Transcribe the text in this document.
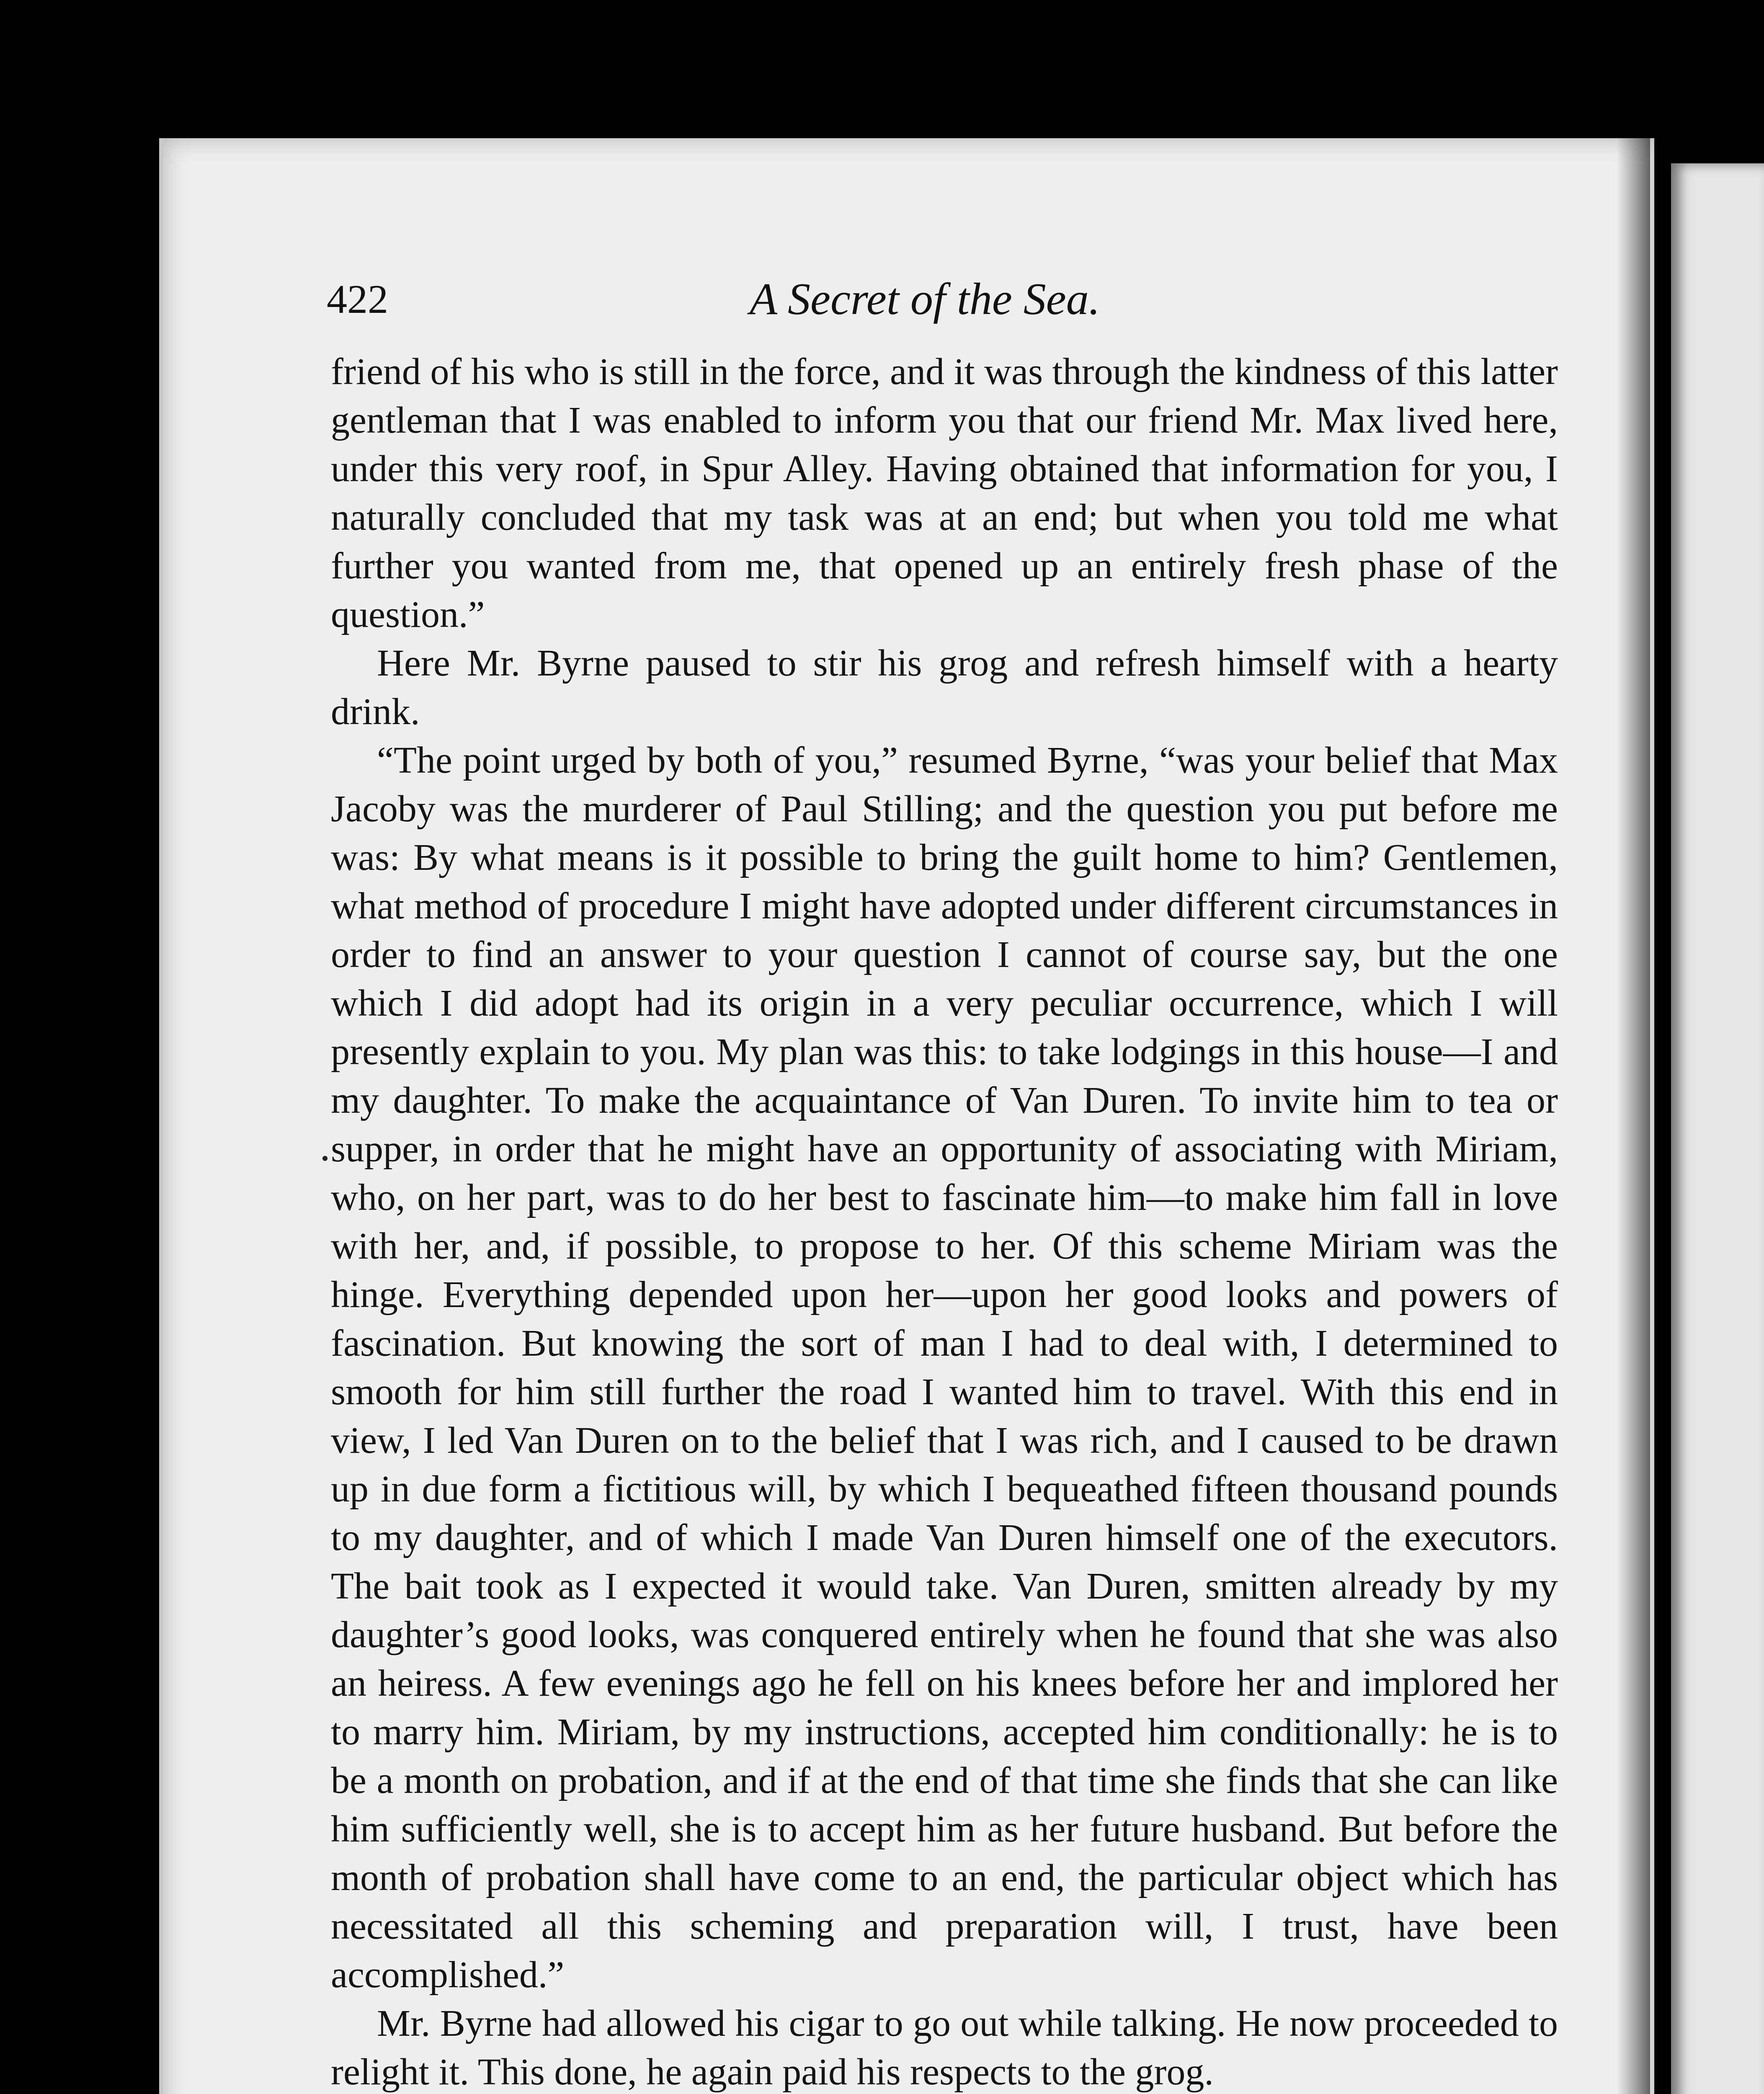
422	A Secret of the Sea.

friend of his who is still in the force, and it was through the kindness of this latter gentleman that I was enabled to inform you that our friend Mr. Max lived here, under this very roof, in Spur Alley. Having obtained that information for you, I naturally concluded that my task was at an end; but when you told me what further you wanted from me, that opened up an entirely fresh phase of the question.”

Here Mr. Byrne paused to stir his grog and refresh himself with a hearty drink.

“The point urged by both of you,” resumed Byrne, “was your belief that Max Jacoby was the murderer of Paul Stilling; and the question you put before me was: By what means is it possible to bring the guilt home to him? Gentlemen, what method of procedure I might have adopted under different circumstances in order to find an answer to your question I cannot of course say, but the one which I did adopt had its origin in a very peculiar occurrence, which I will presently explain to you. My plan was this: to take lodgings in this house—I and my daughter. To make the acquaintance of Van Duren. To invite him to tea or supper, in order that he might have an opportunity of associating with Miriam, who, on her part, was to do her best to fascinate him—to make him fall in love with her, and, if possible, to propose to her. Of this scheme Miriam was the hinge. Everything depended upon her—upon her good looks and powers of fascination. But knowing the sort of man I had to deal with, I determined to smooth for him still further the road I wanted him to travel. With this end in view, I led Van Duren on to the belief that I was rich, and I caused to be drawn up in due form a fictitious will, by which I bequeathed fifteen thousand pounds to my daughter, and of which I made Van Duren himself one of the executors. The bait took as I expected it would take. Van Duren, smitten already by my daughter’s good looks, was conquered entirely when he found that she was also an heiress. A few evenings ago he fell on his knees before her and implored her to marry him. Miriam, by my instructions, accepted him conditionally: he is to be a month on probation, and if at the end of that time she finds that she can like him sufficiently well, she is to accept him as her future husband. But before the month of probation shall have come to an end, the particular object which has necessitated all this scheming and preparation will, I trust, have been accomplished.”

Mr. Byrne had allowed his cigar to go out while talking. He now proceeded to relight it. This done, he again paid his respects to the grog.
